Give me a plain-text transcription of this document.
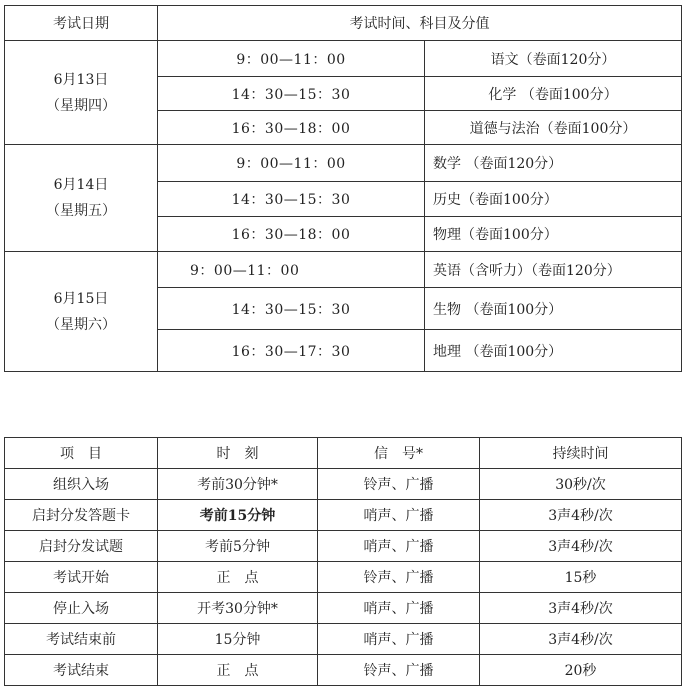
考试日期	考试时间、科目及分值	

6月13日
（星期四）	9：00—11：00	语文（卷面120分）
	14：30—15：30	化学 （卷面100分）
	16：30—18：00	道德与法治（卷面100分）

6月14日
（星期五）	9：00—11：00	数学 （卷面120分）
	14：30—15：30	历史（卷面100分）
	16：30—18：00	物理（卷面100分）

6月15日
（星期六）	9：00—11：00	英语（含听力）（卷面120分）
	14：30—15：30	生物 （卷面100分）
	16：30—17：30	地理 （卷面100分）
项　目	时　刻	信　号*	持续时间
组织入场	考前30分钟*	铃声、广播	30秒/次
启封分发答题卡	考前15分钟	哨声、广播	3声4秒/次
启封分发试题	考前5分钟	哨声、广播	3声4秒/次
考试开始	正　点	铃声、广播	15秒
停止入场	开考30分钟*	哨声、广播	3声4秒/次
考试结束前	15分钟	哨声、广播	3声4秒/次
考试结束	正　点	铃声、广播	20秒
